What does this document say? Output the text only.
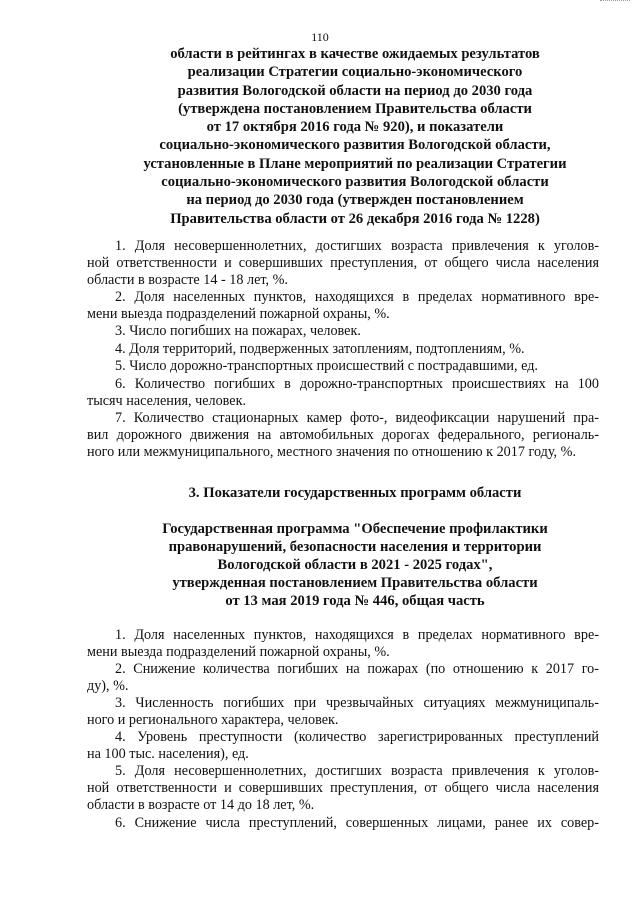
110
области в рейтингах в качестве ожидаемых результатов
реализации Стратегии социально-экономического
развития Вологодской области на период до 2030 года
(утверждена постановлением Правительства области
от 17 октября 2016 года № 920), и показатели
социально-экономического развития Вологодской области,
установленные в Плане мероприятий по реализации Стратегии
социально-экономического развития Вологодской области
на период до 2030 года (утвержден постановлением
Правительства области от 26 декабря 2016 года № 1228)
1. Доля несовершеннолетних, достигших возраста привлечения к уголов-
ной ответственности и совершивших преступления, от общего числа населения
области в возрасте 14 - 18 лет, %.
2. Доля населенных пунктов, находящихся в пределах нормативного вре-
мени выезда подразделений пожарной охраны, %.
3. Число погибших на пожарах, человек.
4. Доля территорий, подверженных затоплениям, подтоплениям, %.
5. Число дорожно-транспортных происшествий с пострадавшими, ед.
6. Количество погибших в дорожно-транспортных происшествиях на 100
тысяч населения, человек.
7. Количество стационарных камер фото-, видеофиксации нарушений пра-
вил дорожного движения на автомобильных дорогах федерального, региональ-
ного или межмуниципального, местного значения по отношению к 2017 году, %.
3. Показатели государственных программ области
Государственная программа "Обеспечение профилактики
правонарушений, безопасности населения и территории
Вологодской области в 2021 - 2025 годах",
утвержденная постановлением Правительства области
от 13 мая 2019 года № 446, общая часть
1. Доля населенных пунктов, находящихся в пределах нормативного вре-
мени выезда подразделений пожарной охраны, %.
2. Снижение количества погибших на пожарах (по отношению к 2017 го-
ду), %.
3. Численность погибших при чрезвычайных ситуациях межмуниципаль-
ного и регионального характера, человек.
4. Уровень преступности (количество зарегистрированных преступлений
на 100 тыс. населения), ед.
5. Доля несовершеннолетних, достигших возраста привлечения к уголов-
ной ответственности и совершивших преступления, от общего числа населения
области в возрасте от 14 до 18 лет, %.
6. Снижение числа преступлений, совершенных лицами, ранее их совер-
